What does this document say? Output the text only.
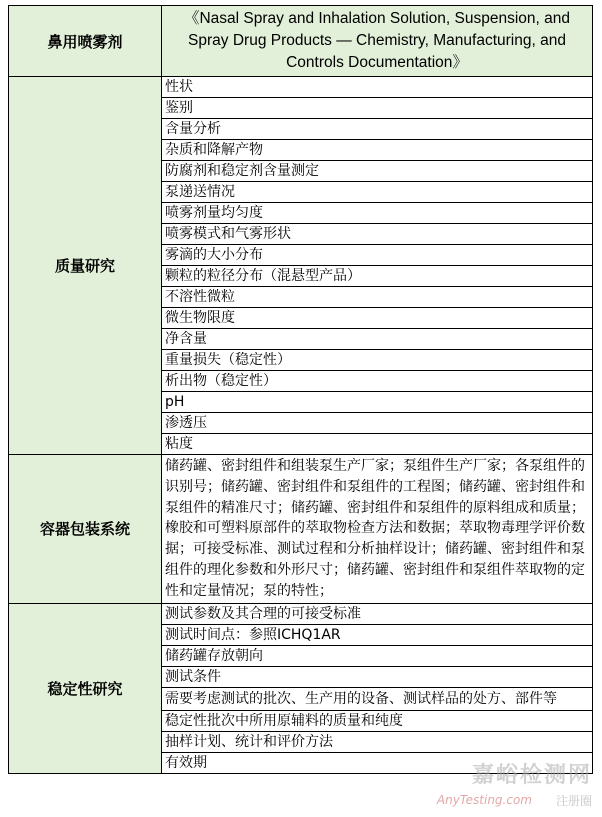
鼻用喷雾剂	《Nasal Spray and Inhalation Solution, Suspension, and Spray Drug Products — Chemistry, Manufacturing, and Controls Documentation》
质量研究	性状
	鉴别
	含量分析
	杂质和降解产物
	防腐剂和稳定剂含量测定
	泵递送情况
	喷雾剂量均匀度
	喷雾模式和气雾形状
	雾滴的大小分布
	颗粒的粒径分布（混悬型产品）
	不溶性微粒
	微生物限度
	净含量
	重量损失（稳定性）
	析出物（稳定性）
	pH
	渗透压
	粘度
容器包装系统	储药罐、密封组件和组装泵生产厂家；泵组件生产厂家；各泵组件的识别号；储药罐、密封组件和泵组件的工程图；储药罐、密封组件和泵组件的精准尺寸；储药罐、密封组件和泵组件的原料组成和质量；橡胶和可塑料原部件的萃取物检查方法和数据；萃取物毒理学评价数据；可接受标准、测试过程和分析抽样设计；储药罐、密封组件和泵组件的理化参数和外形尺寸；储药罐、密封组件和泵组件萃取物的定性和定量情况；泵的特性；
稳定性研究	测试参数及其合理的可接受标准
	测试时间点：参照ICHQ1AR
	储药罐存放朝向
	测试条件
	需要考虑测试的批次、生产用的设备、测试样品的处方、部件等
	稳定性批次中所用原辅料的质量和纯度
	抽样计划、统计和评价方法
	有效期	嘉峪检测网
AnyTesting.com 注册圈
